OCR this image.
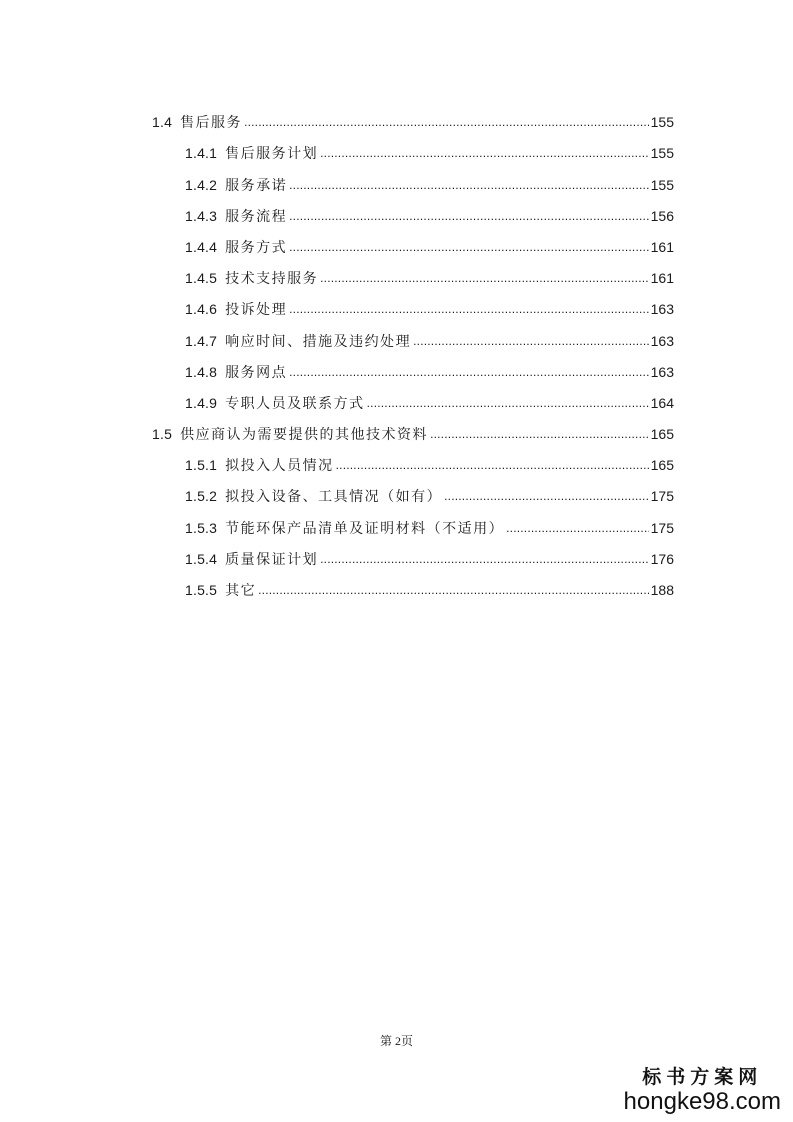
1.4 售后服务 .....	155
1.4.1 售后服务计划 .....	155
1.4.2 服务承诺 .....	155
1.4.3 服务流程 .....	156
1.4.4 服务方式 .....	161
1.4.5 技术支持服务 .....	161
1.4.6 投诉处理 .....	163
1.4.7 响应时间、措施及违约处理 .....	163
1.4.8 服务网点 .....	163
1.4.9 专职人员及联系方式 .....	164
1.5 供应商认为需要提供的其他技术资料 .....	165
1.5.1 拟投入人员情况 .....	165
1.5.2 拟投入设备、工具情况（如有） .....	175
1.5.3 节能环保产品清单及证明材料（不适用） .....	175
1.5.4 质量保证计划 .....	176
1.5.5 其它 .....	188
第 2页
标书方案网
hongke98.com
